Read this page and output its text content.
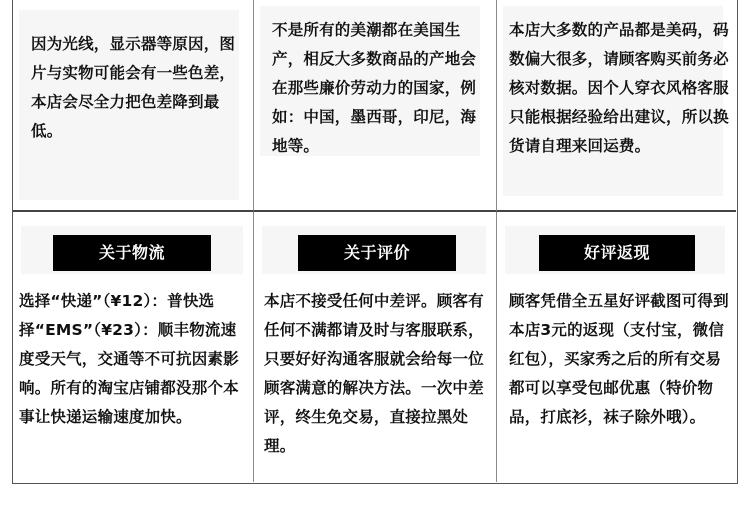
因为光线，显示器等原因，图片与实物可能会有一些色差，本店会尽全力把色差降到最低。
不是所有的美潮都在美国生产，相反大多数商品的产地会在那些廉价劳动力的国家，例如：中国，墨西哥，印尼，海地等。
本店大多数的产品都是美码，码数偏大很多，请顾客购买前务必核对数据。因个人穿衣风格客服只能根据经验给出建议，所以换货请自理来回运费。
关于物流
选择“快递”（¥12）：普快选择“EMS”（¥23）：顺丰物流速度受天气，交通等不可抗因素影响。所有的淘宝店铺都没那个本事让快递运输速度加快。
关于评价
本店不接受任何中差评。顾客有任何不满都请及时与客服联系，只要好好沟通客服就会给每一位顾客满意的解决方法。一次中差评，终生免交易，直接拉黑处理。
好评返现
顾客凭借全五星好评截图可得到本店3元的返现（支付宝，微信红包），买家秀之后的所有交易都可以享受包邮优惠（特价物品，打底衫，袜子除外哦）。
